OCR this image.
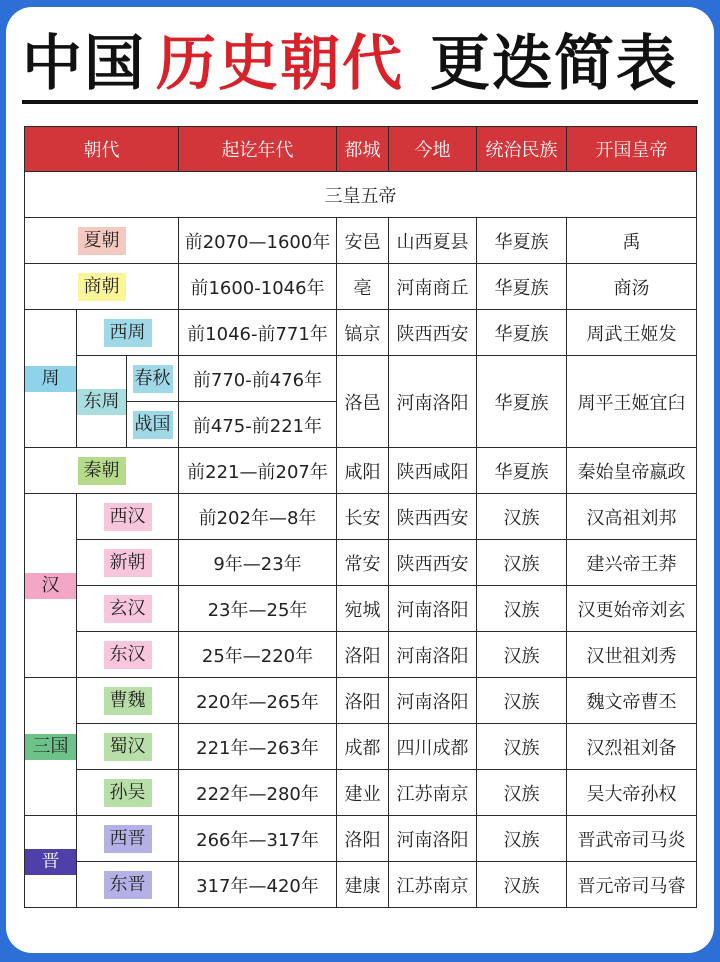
中国 历史朝代 更迭简表
朝代			起讫年代	都城	今地	统治民族	开国皇帝
三皇五帝							
夏朝			前2070—1600年	安邑	山西夏县	华夏族	禹
商朝			前1600-1046年	亳	河南商丘	华夏族	商汤

周	西周		前1046-前771年	镐京	陕西西安	华夏族	周武王姬发

	东周	春秋	前770-前476年	洛邑	河南洛阳	华夏族	周平王姬宜臼
		战国	前475-前221年				
秦朝			前221—前207年	咸阳	陕西咸阳	华夏族	秦始皇帝嬴政

汉	西汉		前202年—8年	长安	陕西西安	汉族	汉高祖刘邦
	新朝		9年—23年	常安	陕西西安	汉族	建兴帝王莽
	玄汉		23年—25年	宛城	河南洛阳	汉族	汉更始帝刘玄
	东汉		25年—220年	洛阳	河南洛阳	汉族	汉世祖刘秀

三国	曹魏		220年—265年	洛阳	河南洛阳	汉族	魏文帝曹丕
	蜀汉		221年—263年	成都	四川成都	汉族	汉烈祖刘备
	孙吴		222年—280年	建业	江苏南京	汉族	吴大帝孙权

晋	西晋		266年—317年	洛阳	河南洛阳	汉族	晋武帝司马炎
	东晋		317年—420年	建康	江苏南京	汉族	晋元帝司马睿
